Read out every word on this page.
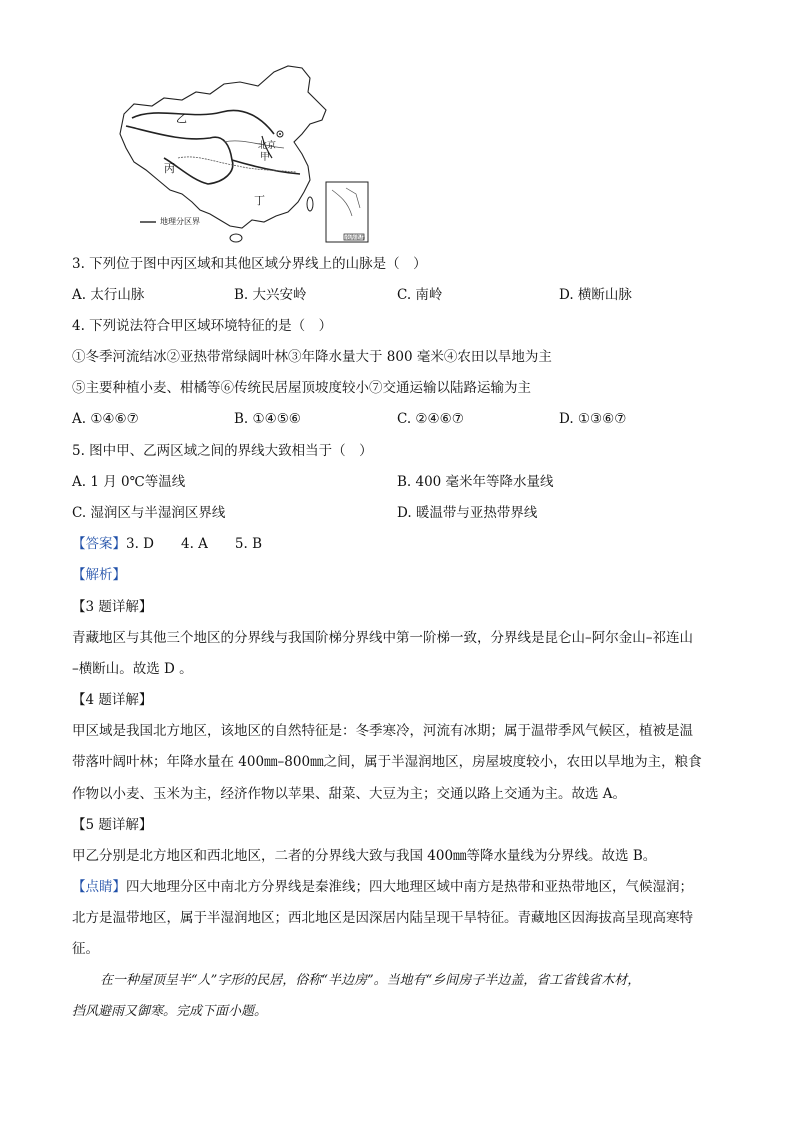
乙
丙
甲
北京
丁
地理分区界
南海诸岛
3. 下列位于图中丙区域和其他区域分界线上的山脉是（　）
A. 太行山脉	B. 大兴安岭	C. 南岭	D. 横断山脉
4. 下列说法符合甲区域环境特征的是（　）
①冬季河流结冰②亚热带常绿阔叶林③年降水量大于 800 毫米④农田以旱地为主
⑤主要种植小麦、柑橘等⑥传统民居屋顶坡度较小⑦交通运输以陆路运输为主
A. ①④⑥⑦	B. ①④⑤⑥	C. ②④⑥⑦	D. ①③⑥⑦
5. 图中甲、乙两区域之间的界线大致相当于（　）
A. 1 月 0℃等温线	B. 400 毫米年等降水量线
C. 湿润区与半湿润区界线	D. 暖温带与亚热带界线
【答案】3. D　　4. A　　5. B
【解析】
【3 题详解】
青藏地区与其他三个地区的分界线与我国阶梯分界线中第一阶梯一致，分界线是昆仑山–阿尔金山–祁连山
–横断山。故选 D 。
【4 题详解】
甲区域是我国北方地区，该地区的自然特征是：冬季寒冷，河流有冰期；属于温带季风气候区，植被是温
带落叶阔叶林；年降水量在 400㎜–800㎜之间，属于半湿润地区，房屋坡度较小，农田以旱地为主，粮食
作物以小麦、玉米为主，经济作物以苹果、甜菜、大豆为主；交通以路上交通为主。故选 A。
【5 题详解】
甲乙分别是北方地区和西北地区，二者的分界线大致与我国 400㎜等降水量线为分界线。故选 B。
【点睛】四大地理分区中南北方分界线是秦淮线；四大地理区域中南方是热带和亚热带地区，气候湿润；
北方是温带地区，属于半湿润地区；西北地区是因深居内陆呈现干旱特征。青藏地区因海拔高呈现高寒特
征。
在一种屋顶呈半“人”字形的民居，俗称“半边房”。当地有“乡间房子半边盖，省工省钱省木材，
挡风避雨又御寒。完成下面小题。
